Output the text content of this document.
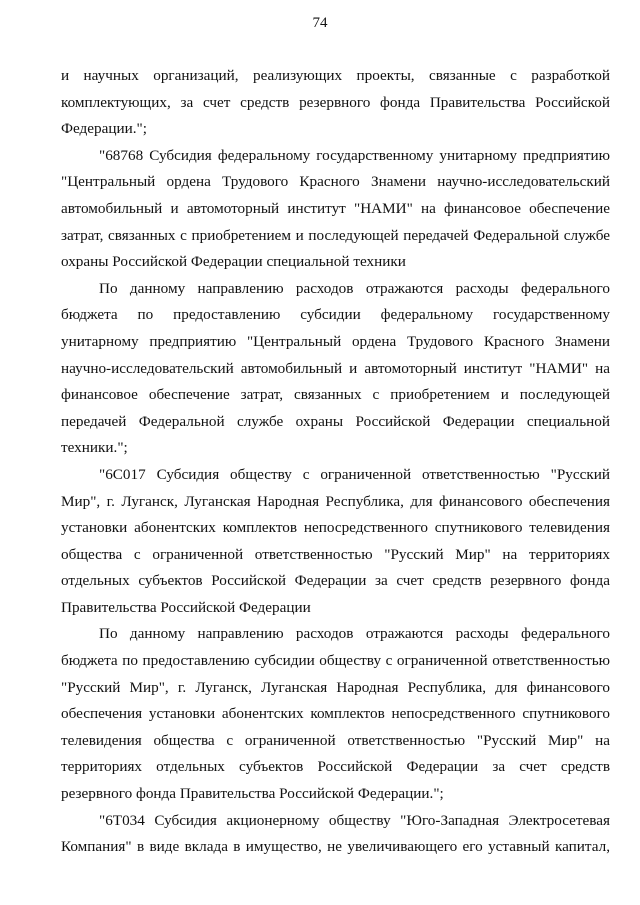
74

и научных организаций, реализующих проекты, связанные с разработкой комплектующих, за счет средств резервного фонда Правительства Российской Федерации.";

"68768 Субсидия федеральному государственному унитарному предприятию "Центральный ордена Трудового Красного Знамени научно-исследовательский автомобильный и автомоторный институт "НАМИ" на финансовое обеспечение затрат, связанных с приобретением и последующей передачей Федеральной службе охраны Российской Федерации специальной техники

По данному направлению расходов отражаются расходы федерального бюджета по предоставлению субсидии федеральному государственному унитарному предприятию "Центральный ордена Трудового Красного Знамени научно-исследовательский автомобильный и автомоторный институт "НАМИ" на финансовое обеспечение затрат, связанных с приобретением и последующей передачей Федеральной службе охраны Российской Федерации специальной техники.";

"6С017 Субсидия обществу с ограниченной ответственностью "Русский Мир", г. Луганск, Луганская Народная Республика, для финансового обеспечения установки абонентских комплектов непосредственного спутникового телевидения общества с ограниченной ответственностью "Русский Мир" на территориях отдельных субъектов Российской Федерации за счет средств резервного фонда Правительства Российской Федерации

По данному направлению расходов отражаются расходы федерального бюджета по предоставлению субсидии обществу с ограниченной ответственностью "Русский Мир", г. Луганск, Луганская Народная Республика, для финансового обеспечения установки абонентских комплектов непосредственного спутникового телевидения общества с ограниченной ответственностью "Русский Мир" на территориях отдельных субъектов Российской Федерации за счет средств резервного фонда Правительства Российской Федерации.";

"6Т034 Субсидия акционерному обществу "Юго-Западная Электросетевая Компания" в виде вклада в имущество, не увеличивающего его уставный капитал,
